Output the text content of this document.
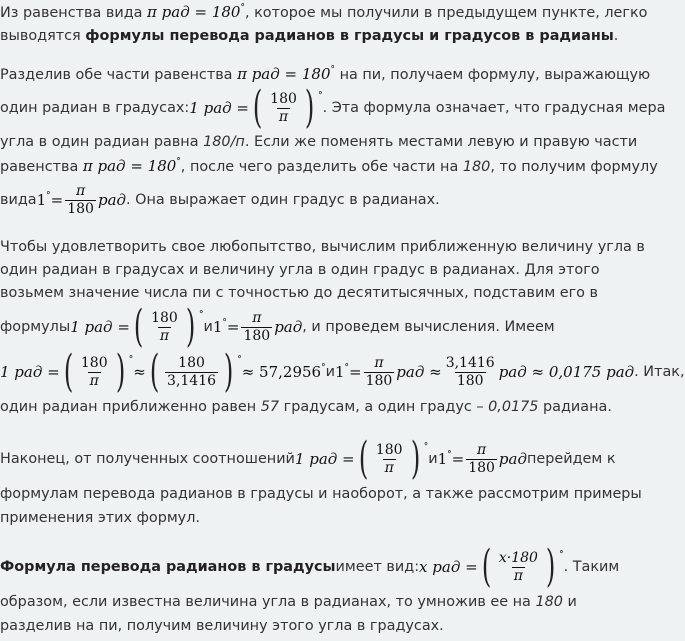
Из равенства вида π рад = 180°, которое мы получили в предыдущем пункте, легко
выводятся формулы перевода радианов в градусы и градусов в радианы.
Разделив обе части равенства π рад = 180° на пи, получаем формулу, выражающую
один радиан в градусах: 1 рад = ( $\frac{180}{\pi}$ ) °
. Эта формула означает, что градусная мера
угла в один радиан равна 180/п. Если же поменять местами левую и правую части
равенства π рад = 180°, после чего разделить обе части на 180, то получим формулу
вида 1 ° = $\frac{\pi}{180}$ рад . Она выражает один градус в радианах.
Чтобы удовлетворить свое любопытство, вычислим приближенную величину угла в
один радиан в градусах и величину угла в один градус в радианах. Для этого
возьмем значение числа пи с точностью до десятитысячных, подставим его в
формулы 1 рад = ( $\frac{180}{\pi}$ ) °
и 1 ° = $\frac{\pi}{180}$ рад , и проведем вычисления. Имеем
1 рад = ( $\frac{180}{\pi}$ ) °
≈ ( $\frac{180}{3,1416}$ ) °
≈ 57,2956 ° и 1 ° = $\frac{\pi}{180}$ рад ≈ $\frac{3,1416}{180}$ рад ≈ 0,0175 рад . Итак,
один радиан приближенно равен 57 градусам, а один градус – 0,0175 радиана.
Наконец, от полученных соотношений 1 рад = ( $\frac{180}{\pi}$ ) °
и 1 ° = $\frac{\pi}{180}$ рад перейдем к
формулам перевода радианов в градусы и наоборот, а также рассмотрим примеры
применения этих формул.
Формула перевода радианов в градусы имеет вид: x рад = ( $\frac{x\cdot 180}{\pi}$ ) °
. Таким
образом, если известна величина угла в радианах, то умножив ее на 180 и
разделив на пи, получим величину этого угла в градусах.
